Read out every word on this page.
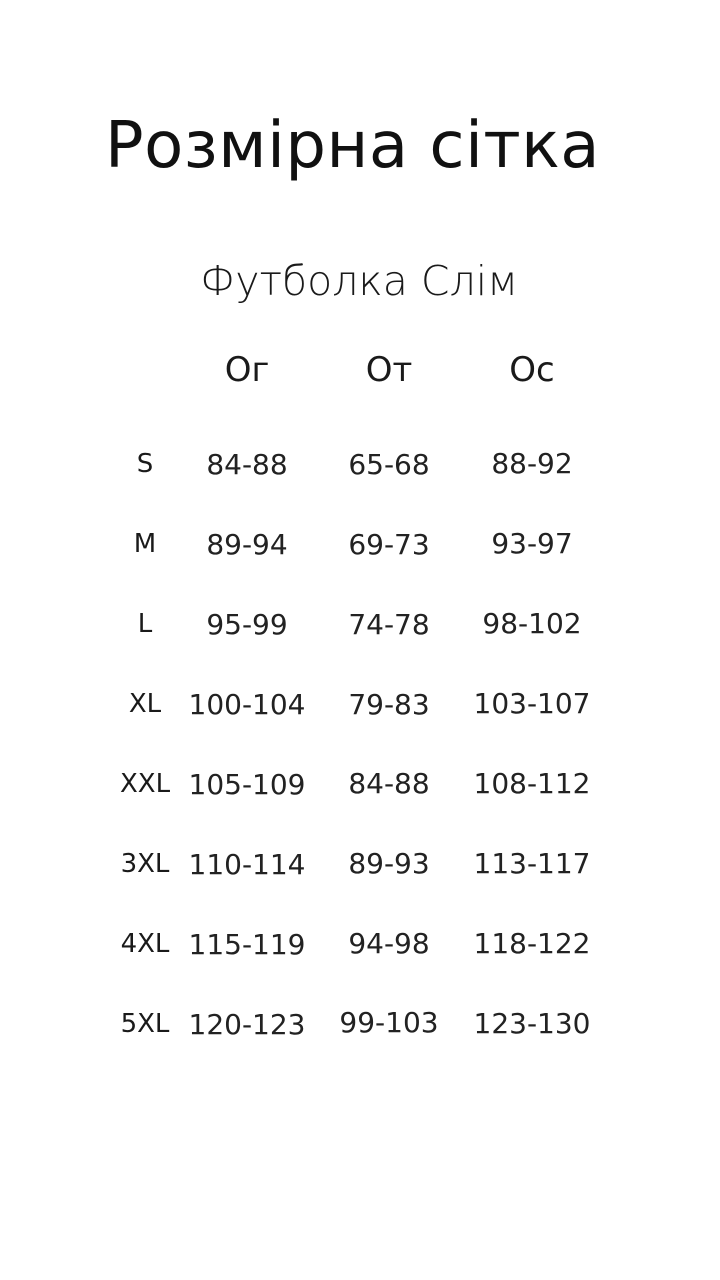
Розмірна сітка
Футболка Слім
Ог	От	Ос
S 84-88 65-68 88-92
M 89-94 69-73 93-97
L 95-99 74-78 98-102
XL 100-104 79-83 103-107
XXL 105-109 84-88 108-112
3XL 110-114 89-93 113-117
4XL 115-119 94-98 118-122
5XL 120-123 99-103 123-130
